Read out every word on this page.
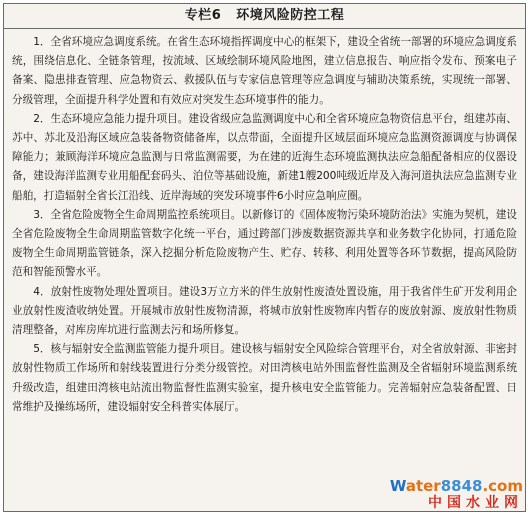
专栏6 环境风险防控工程

1．全省环境应急调度系统。在省生态环境指挥调度中心的框架下，建设全省统一部署的环境应急调度系统，围绕信息化、全链条管理，按流域、区域绘制环境风险地图，建立信息报告、响应指令发布、预案电子备案、隐患排查管理、应急物资云、救援队伍与专家信息管理等应急调度与辅助决策系统，实现统一部署、分级管理，全面提升科学处置和有效应对突发生态环境事件的能力。

2．生态环境应急能力提升项目。建设省级应急监测调度中心和全省环境应急物资信息平台，组建苏南、苏中、苏北及沿海区域应急装备物资储备库，以点带面，全面提升区域层面环境应急监测资源调度与协调保障能力；兼顾海洋环境应急监测与日常监测需要，为在建的近海生态环境监测执法应急船配备相应的仪器设备，建设海洋监测专业用船配套码头、泊位等基础设施，新建1艘200吨级近岸及入海河道执法应急监测专业船舶，打造辐射全省长江沿线、近岸海域的突发环境事件6小时应急响应圈。

3．全省危险废物全生命周期监控系统项目。以新修订的《固体废物污染环境防治法》实施为契机，建设全省危险废物全生命周期监管数字化统一平台，通过跨部门涉废数据资源共享和业务数字化协同，打通危险废物全生命周期监管链条，深入挖掘分析危险废物产生、贮存、转移、利用处置等各环节数据，提高风险防范和智能预警水平。

4．放射性废物处理处置项目。建设3万立方米的伴生放射性废渣处置设施，用于我省伴生矿开发利用企业放射性废渣收纳处置。开展城市放射性废物清源，将城市放射性废物库内暂存的废放射源、废放射性物质清理整备，对库房库坑进行监测去污和场所修复。

5．核与辐射安全监测监管能力提升项目。建设核与辐射安全风险综合管理平台，对全省放射源、非密封放射性物质工作场所和射线装置进行分类分级管控。对田湾核电站外围监督性监测及全省辐射环境监测系统升级改造，组建田湾核电站流出物监督性监测实验室，提升核电安全监管能力。完善辐射应急装备配置、日常维护及操练场所，建设辐射安全科普实体展厅。

Water8848.com
中国水业网
